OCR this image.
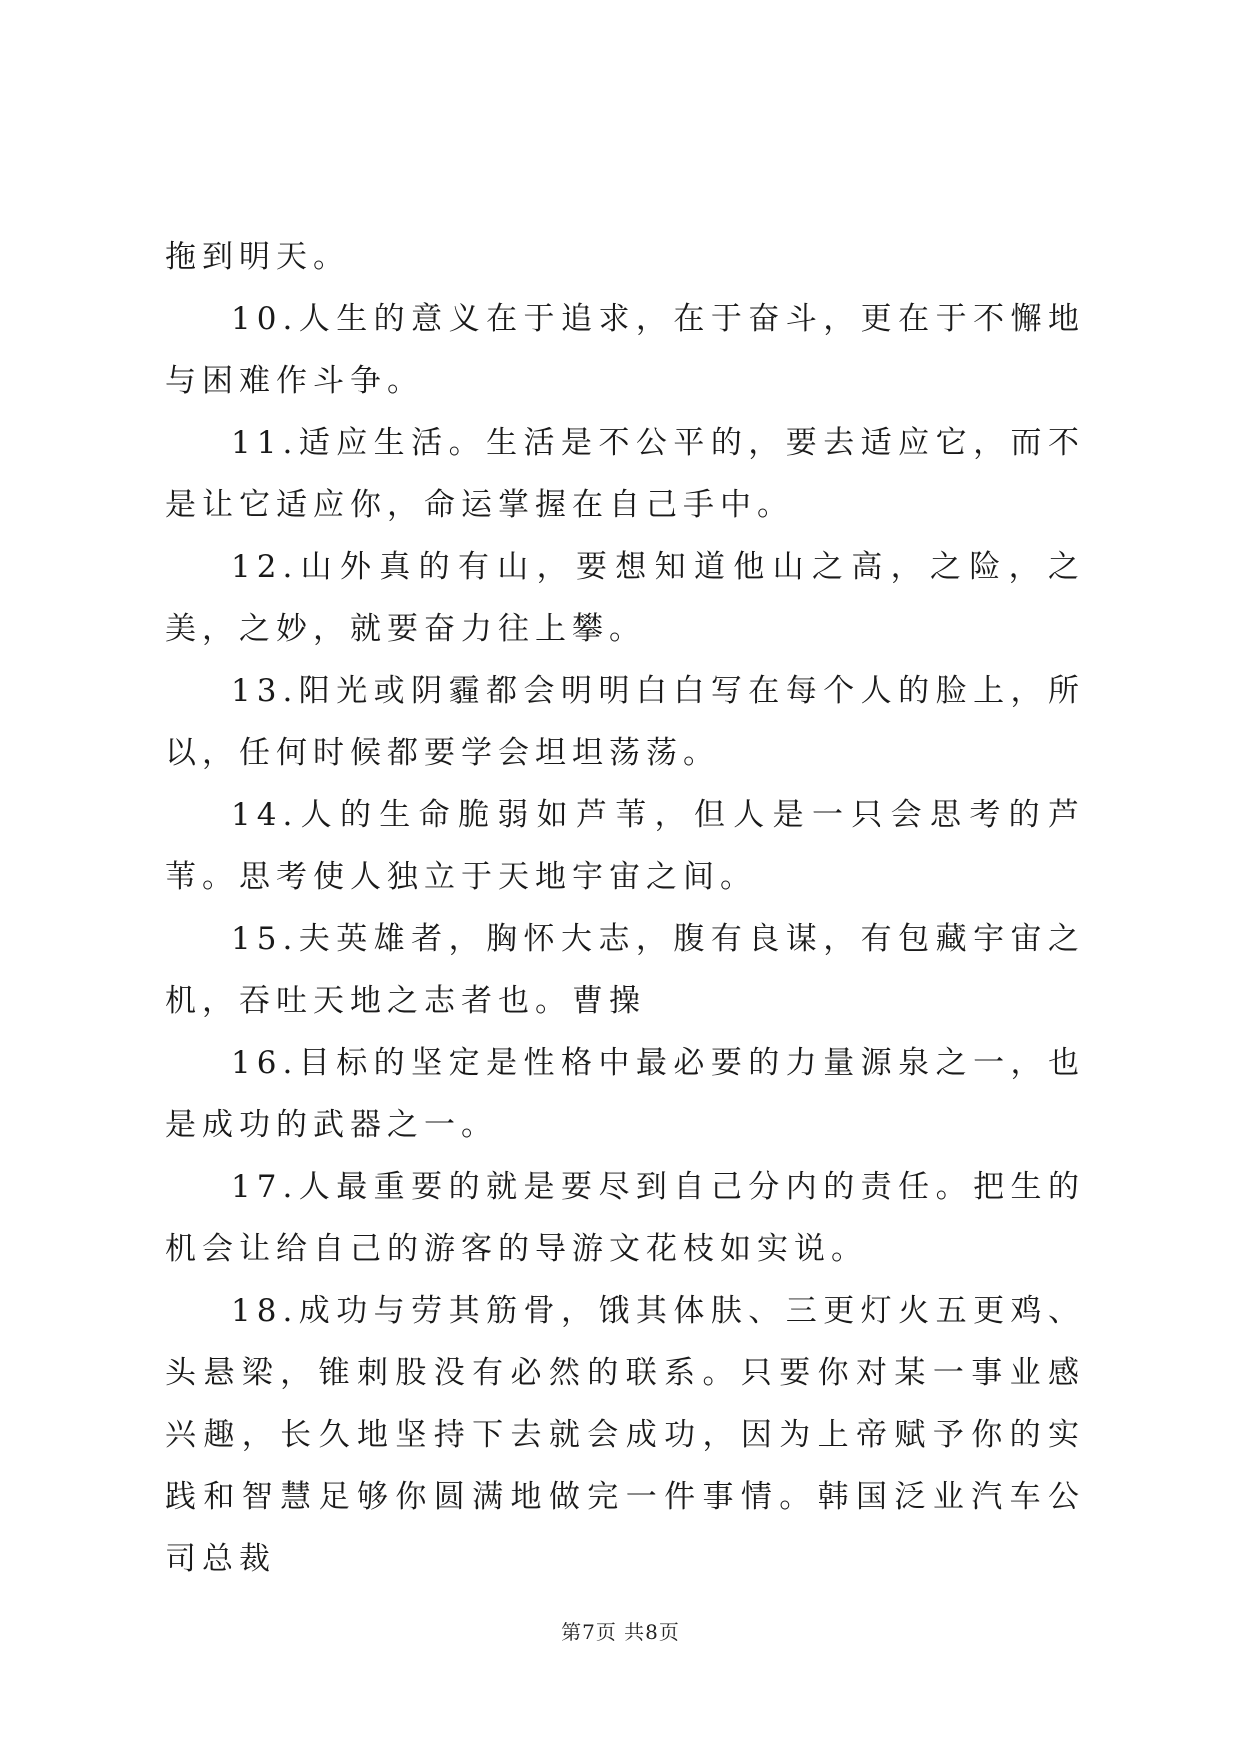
拖到明天。

10.人生的意义在于追求，在于奋斗，更在于不懈地与困难作斗争。

11.适应生活。生活是不公平的，要去适应它，而不是让它适应你，命运掌握在自己手中。

12.山外真的有山，要想知道他山之高，之险，之美，之妙，就要奋力往上攀。

13.阳光或阴霾都会明明白白写在每个人的脸上，所以，任何时候都要学会坦坦荡荡。

14.人的生命脆弱如芦苇，但人是一只会思考的芦苇。思考使人独立于天地宇宙之间。

15.夫英雄者，胸怀大志，腹有良谋，有包藏宇宙之机，吞吐天地之志者也。曹操

16.目标的坚定是性格中最必要的力量源泉之一，也是成功的武器之一。

17.人最重要的就是要尽到自己分内的责任。把生的机会让给自己的游客的导游文花枝如实说。

18.成功与劳其筋骨，饿其体肤、三更灯火五更鸡、头悬梁，锥刺股没有必然的联系。只要你对某一事业感兴趣，长久地坚持下去就会成功，因为上帝赋予你的实践和智慧足够你圆满地做完一件事情。韩国泛业汽车公司总裁

第7页 共8页
